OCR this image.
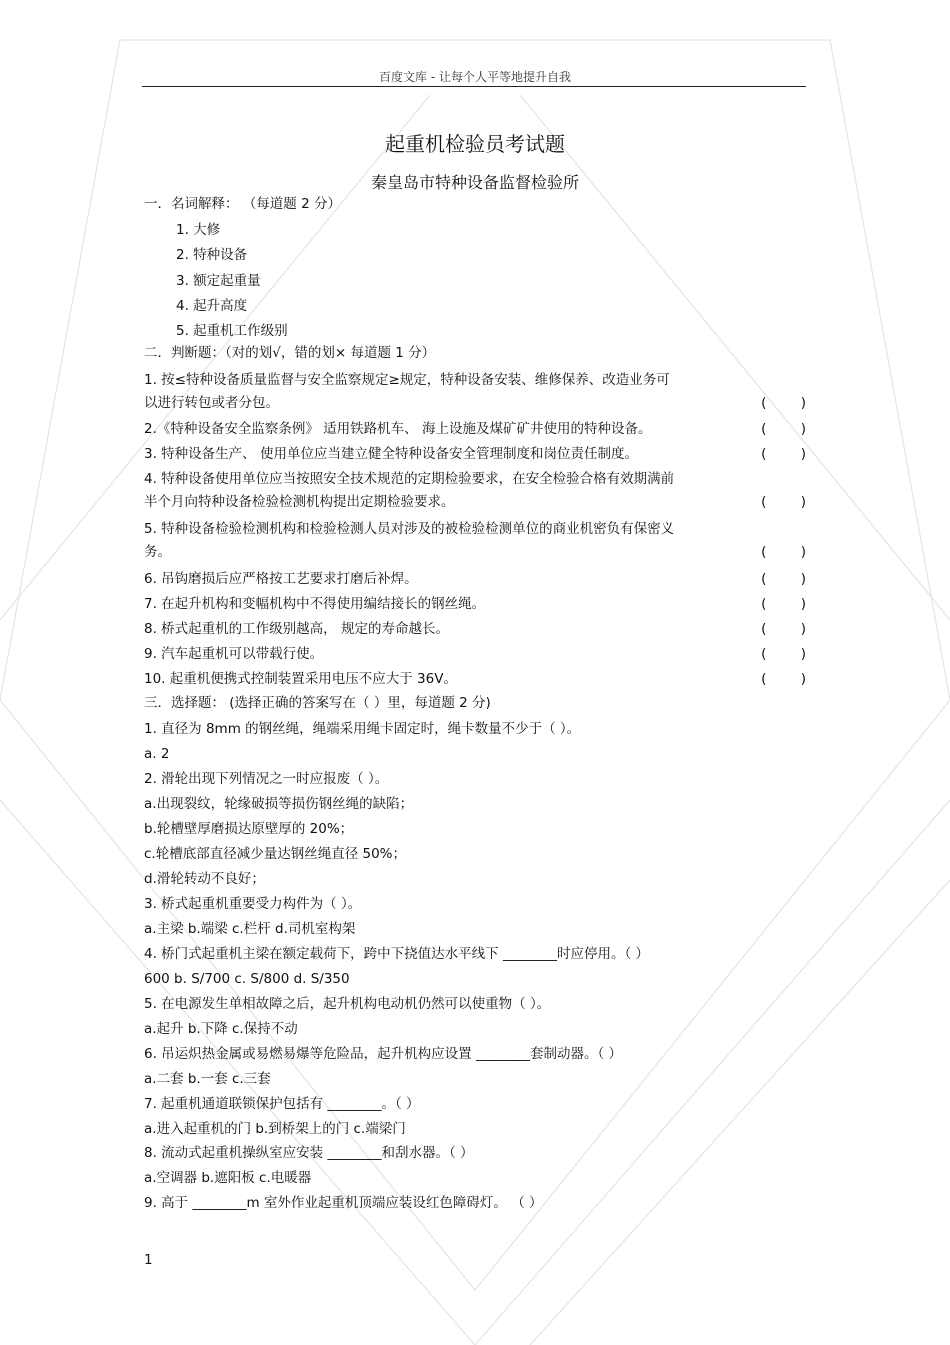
百度文库 - 让每个人平等地提升自我
起重机检验员考试题
秦皇岛市特种设备监督检验所
一．名词解释： （每道题 2 分）
1. 大修
2. 特种设备
3. 额定起重量
4. 起升高度
5. 起重机工作级别
二．判断题：（对的划√，错的划× 每道题 1 分）
1. 按≤特种设备质量监督与安全监察规定≥规定，特种设备安装、维修保养、改造业务可
以进行转包或者分包。	(        )
2.《特种设备安全监察条例》 适用铁路机车、 海上设施及煤矿矿井使用的特种设备。	(        )
3. 特种设备生产、 使用单位应当建立健全特种设备安全管理制度和岗位责任制度。	(        )
4. 特种设备使用单位应当按照安全技术规范的定期检验要求，在安全检验合格有效期满前
半个月向特种设备检验检测机构提出定期检验要求。	(        )
5. 特种设备检验检测机构和检验检测人员对涉及的被检验检测单位的商业机密负有保密义
务。	(        )
6. 吊钩磨损后应严格按工艺要求打磨后补焊。	(        )
7. 在起升机构和变幅机构中不得使用编结接长的钢丝绳。	(        )
8. 桥式起重机的工作级别越高， 规定的寿命越长。	(        )
9. 汽车起重机可以带载行使。	(        )
10. 起重机便携式控制装置采用电压不应大于 36V。	(        )
三．选择题： (选择正确的答案写在（ ）里，每道题 2 分)
1. 直径为 8mm 的钢丝绳，绳端采用绳卡固定时，绳卡数量不少于（ ）。
a. 2
2. 滑轮出现下列情况之一时应报废（ ）。
a.出现裂纹，轮缘破损等损伤钢丝绳的缺陷；
b.轮槽壁厚磨损达原壁厚的 20%；
c.轮槽底部直径减少量达钢丝绳直径 50%；
d.滑轮转动不良好；
3. 桥式起重机重要受力构件为（ ）。
a.主梁 b.端梁 c.栏杆 d.司机室构架
4. 桥门式起重机主梁在额定载荷下，跨中下挠值达水平线下 ________时应停用。（ ）
600 b. S/700 c. S/800 d. S/350
5. 在电源发生单相故障之后，起升机构电动机仍然可以使重物（ ）。
a.起升 b.下降 c.保持不动
6. 吊运炽热金属或易燃易爆等危险品，起升机构应设置 ________套制动器。（ ）
a.二套 b.一套 c.三套
7. 起重机通道联锁保护包括有 ________。（ ）
a.进入起重机的门 b.到桥架上的门 c.端梁门
8. 流动式起重机操纵室应安装 ________和刮水器。（ ）
a.空调器 b.遮阳板 c.电暖器
9. 高于 ________m 室外作业起重机顶端应装设红色障碍灯。 （ ）
1
